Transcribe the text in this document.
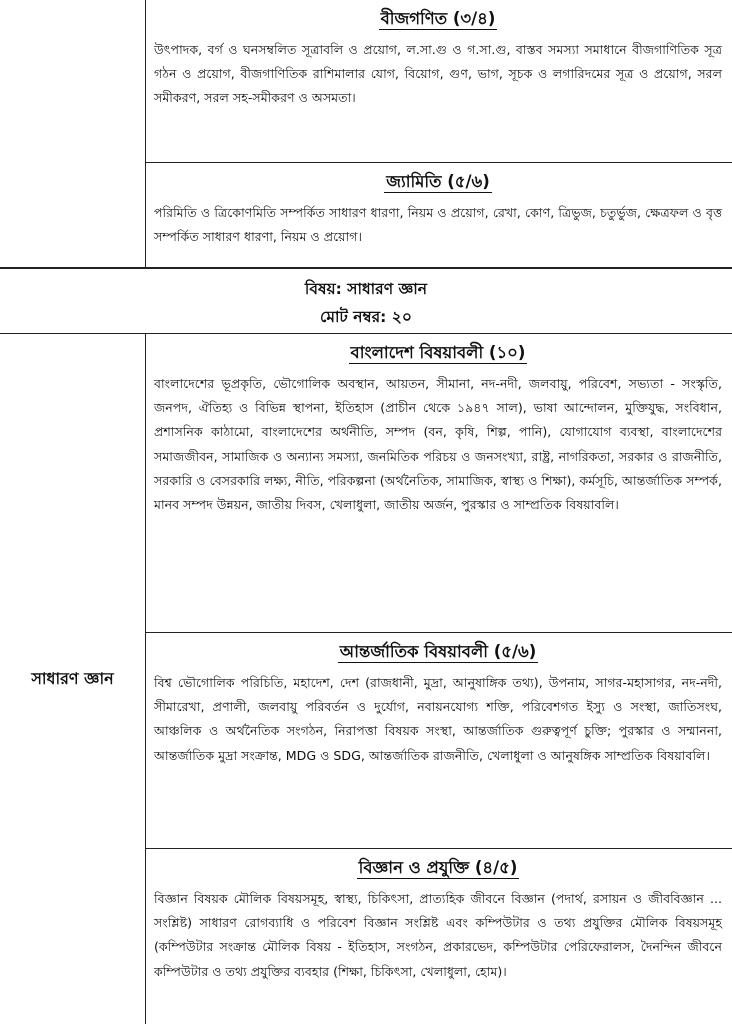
বীজগণিত (৩/৪)

উৎপাদক, বর্গ ও ঘনসম্বলিত সূত্রাবলি ও প্রয়োগ, ল.সা.গু ও গ.সা.গু, বাস্তব সমস্যা সমাধানে বীজগাণিতিক সূত্র গঠন ও প্রয়োগ, বীজগাণিতিক রাশিমালার যোগ, বিয়োগ, গুণ, ভাগ, সূচক ও লগারিদমের সূত্র ও প্রয়োগ, সরল সমীকরণ, সরল সহ-সমীকরণ ও অসমতা।

জ্যামিতি (৫/৬)

পরিমিতি ও ত্রিকোণমিতি সম্পর্কিত সাধারণ ধারণা, নিয়ম ও প্রয়োগ, রেখা, কোণ, ত্রিভুজ, চতুর্ভুজ, ক্ষেত্রফল ও বৃত্ত সম্পর্কিত সাধারণ ধারণা, নিয়ম ও প্রয়োগ।

বিষয়: সাধারণ জ্ঞান
মোট নম্বর: ২০
সাধারণ জ্ঞান
বাংলাদেশ বিষয়াবলী (১০)

বাংলাদেশের ভূপ্রকৃতি, ভৌগোলিক অবস্থান, আয়তন, সীমানা, নদ-নদী, জলবায়ু, পরিবেশ, সভ্যতা - সংস্কৃতি, জনপদ, ঐতিহ্য ও বিভিন্ন স্থাপনা, ইতিহাস (প্রাচীন থেকে ১৯৪৭ সাল), ভাষা আন্দোলন, মুক্তিযুদ্ধ, সংবিধান, প্রশাসনিক কাঠামো, বাংলাদেশের অর্থনীতি, সম্পদ (বন, কৃষি, শিল্প, পানি), যোগাযোগ ব্যবস্থা, বাংলাদেশের সমাজজীবন, সামাজিক ও অন্যান্য সমস্যা, জনমিতিক পরিচয় ও জনসংখ্যা, রাষ্ট্র, নাগরিকতা, সরকার ও রাজনীতি, সরকারি ও বেসরকারি লক্ষ্য, নীতি, পরিকল্পনা (অর্থনৈতিক, সামাজিক, স্বাস্থ্য ও শিক্ষা), কর্মসূচি, আন্তর্জাতিক সম্পর্ক, মানব সম্পদ উন্নয়ন, জাতীয় দিবস, খেলাধুলা, জাতীয় অর্জন, পুরস্কার ও সাম্প্রতিক বিষয়াবলি।

আন্তর্জাতিক বিষয়াবলী (৫/৬)

বিশ্ব ভৌগোলিক পরিচিতি, মহাদেশ, দেশ (রাজধানী, মুদ্রা, আনুষাঙ্গিক তথ্য), উপনাম, সাগর-মহাসাগর, নদ-নদী, সীমারেখা, প্রণালী, জলবায়ু পরিবর্তন ও দুর্যোগ, নবায়নযোগ্য শক্তি, পরিবেশগত ইস্যু ও সংস্থা, জাতিসংঘ, আঞ্চলিক ও অর্থনৈতিক সংগঠন, নিরাপত্তা বিষয়ক সংস্থা, আন্তর্জাতিক গুরুত্বপূর্ণ চুক্তি; পুরস্কার ও সম্মাননা, আন্তর্জাতিক মুদ্রা সংক্রান্ত, MDG ও SDG, আন্তর্জাতিক রাজনীতি, খেলাধুলা ও আনুষঙ্গিক সাম্প্রতিক বিষয়াবলি।

বিজ্ঞান ও প্রযুক্তি (৪/৫)

বিজ্ঞান বিষয়ক মৌলিক বিষয়সমূহ, স্বাস্থ্য, চিকিৎসা, প্রাত্যহিক জীবনে বিজ্ঞান (পদার্থ, রসায়ন ও জীববিজ্ঞান ... সংশ্লিষ্ট) সাধারণ রোগব্যাধি ও পরিবেশ বিজ্ঞান সংশ্লিষ্ট এবং কম্পিউটার ও তথ্য প্রযুক্তির মৌলিক বিষয়সমূহ (কম্পিউটার সংক্রান্ত মৌলিক বিষয় - ইতিহাস, সংগঠন, প্রকারভেদ, কম্পিউটার পেরিফেরালস, দৈনন্দিন জীবনে কম্পিউটার ও তথ্য প্রযুক্তির ব্যবহার (শিক্ষা, চিকিৎসা, খেলাধুলা, হোম)।
